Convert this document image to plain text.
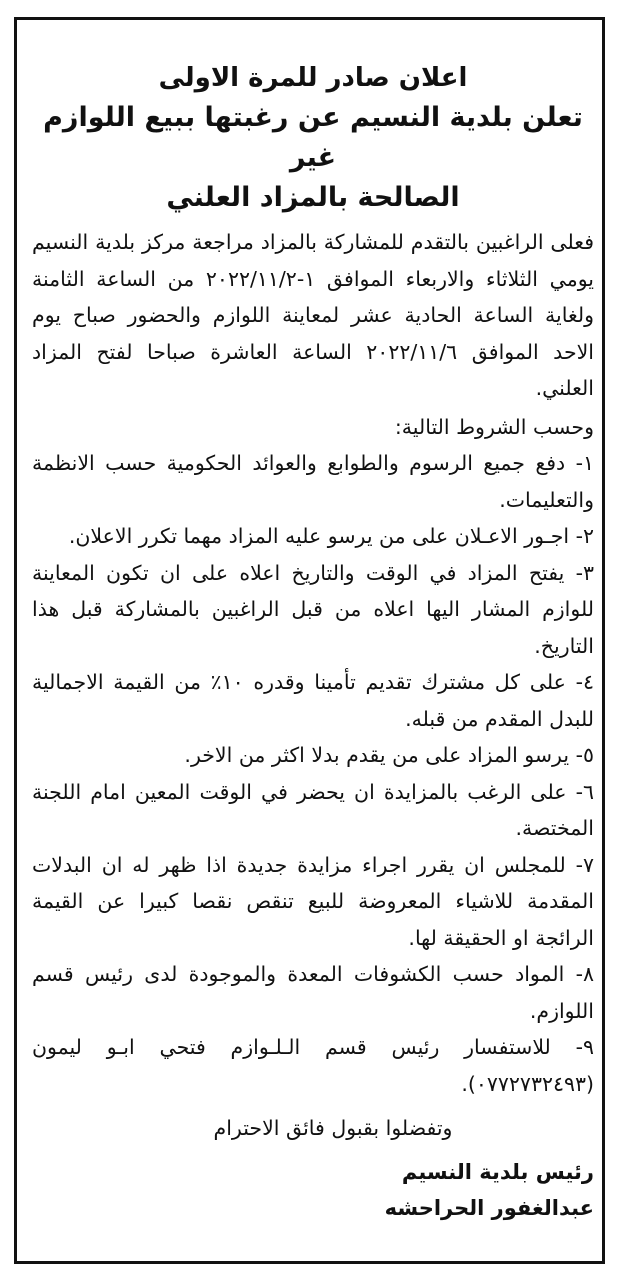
اعلان صادر للمرة الاولى
تعلن بلدية النسيم عن رغبتها ببيع اللوازم غير
الصالحة بالمزاد العلني

فعلى الراغبين بالتقدم للمشاركة بالمزاد مراجعة مركز بلدية النسيم يومي الثلاثاء والاربعاء الموافق ١-٢٠٢٢/١١/٢ من الساعة الثامنة ولغاية الساعة الحادية عشر لمعاينة اللوازم والحضور صباح يوم الاحد الموافق ٢٠٢٢/١١/٦ الساعة العاشرة صباحا لفتح المزاد العلني.

وحسب الشروط التالية:

١- دفع جميع الرسوم والطوابع والعوائد الحكومية حسب الانظمة والتعليمات.

٢- اجـور الاعـلان على من يرسو عليه المزاد مهما تكرر الاعلان.

٣- يفتح المزاد في الوقت والتاريخ اعلاه على ان تكون المعاينة للوازم المشار اليها اعلاه من قبل الراغبين بالمشاركة قبل هذا التاريخ.

٤- على كل مشترك تقديم تأمينا وقدره ١٠٪ من القيمة الاجمالية للبدل المقدم من قبله.

٥- يرسو المزاد على من يقدم بدلا اكثر من الاخر.

٦- على الرغب بالمزايدة ان يحضر في الوقت المعين امام اللجنة المختصة.

٧- للمجلس ان يقرر اجراء مزايدة جديدة اذا ظهر له ان البدلات المقدمة للاشياء المعروضة للبيع تنقص نقصا كبيرا عن القيمة الرائجة او الحقيقة لها.

٨- المواد حسب الكشوفات المعدة والموجودة لدى رئيس قسم اللوازم.

٩- للاستفسار رئيس قسم الـلـوازم فتحي ابـو ليمون (٠٧٧٢٧٣٢٤٩٣).

وتفضلوا بقبول فائق الاحترام
رئيس بلدية النسيم
عبدالغفور الحراحشه
